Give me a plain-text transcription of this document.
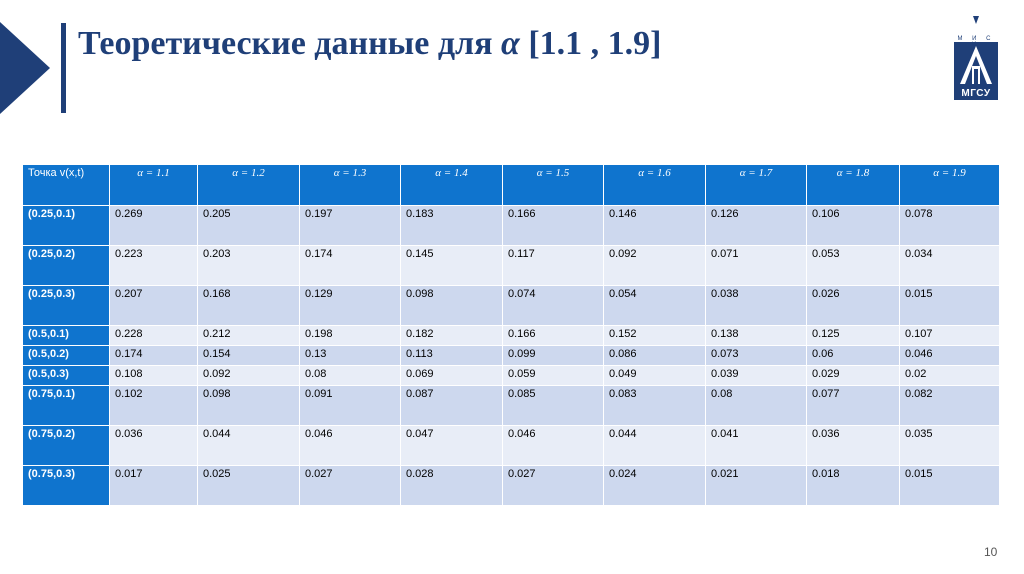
Теоретические данные для α [1.1 , 1.9]	М И С И
МГСУ
Точка v(x,t)	α = 1.1	α = 1.2	α = 1.3	α = 1.4	α = 1.5	α = 1.6	α = 1.7	α = 1.8	α = 1.9
(0.25,0.1)	0.269	0.205	0.197	0.183	0.166	0.146	0.126	0.106	0.078
(0.25,0.2)	0.223	0.203	0.174	0.145	0.117	0.092	0.071	0.053	0.034
(0.25,0.3)	0.207	0.168	0.129	0.098	0.074	0.054	0.038	0.026	0.015
(0.5,0.1)	0.228	0.212	0.198	0.182	0.166	0.152	0.138	0.125	0.107
(0.5,0.2)	0.174	0.154	0.13	0.113	0.099	0.086	0.073	0.06	0.046
(0.5,0.3)	0.108	0.092	0.08	0.069	0.059	0.049	0.039	0.029	0.02
(0.75,0.1)	0.102	0.098	0.091	0.087	0.085	0.083	0.08	0.077	0.082
(0.75,0.2)	0.036	0.044	0.046	0.047	0.046	0.044	0.041	0.036	0.035
(0.75,0.3)	0.017	0.025	0.027	0.028	0.027	0.024	0.021	0.018	0.015
10
